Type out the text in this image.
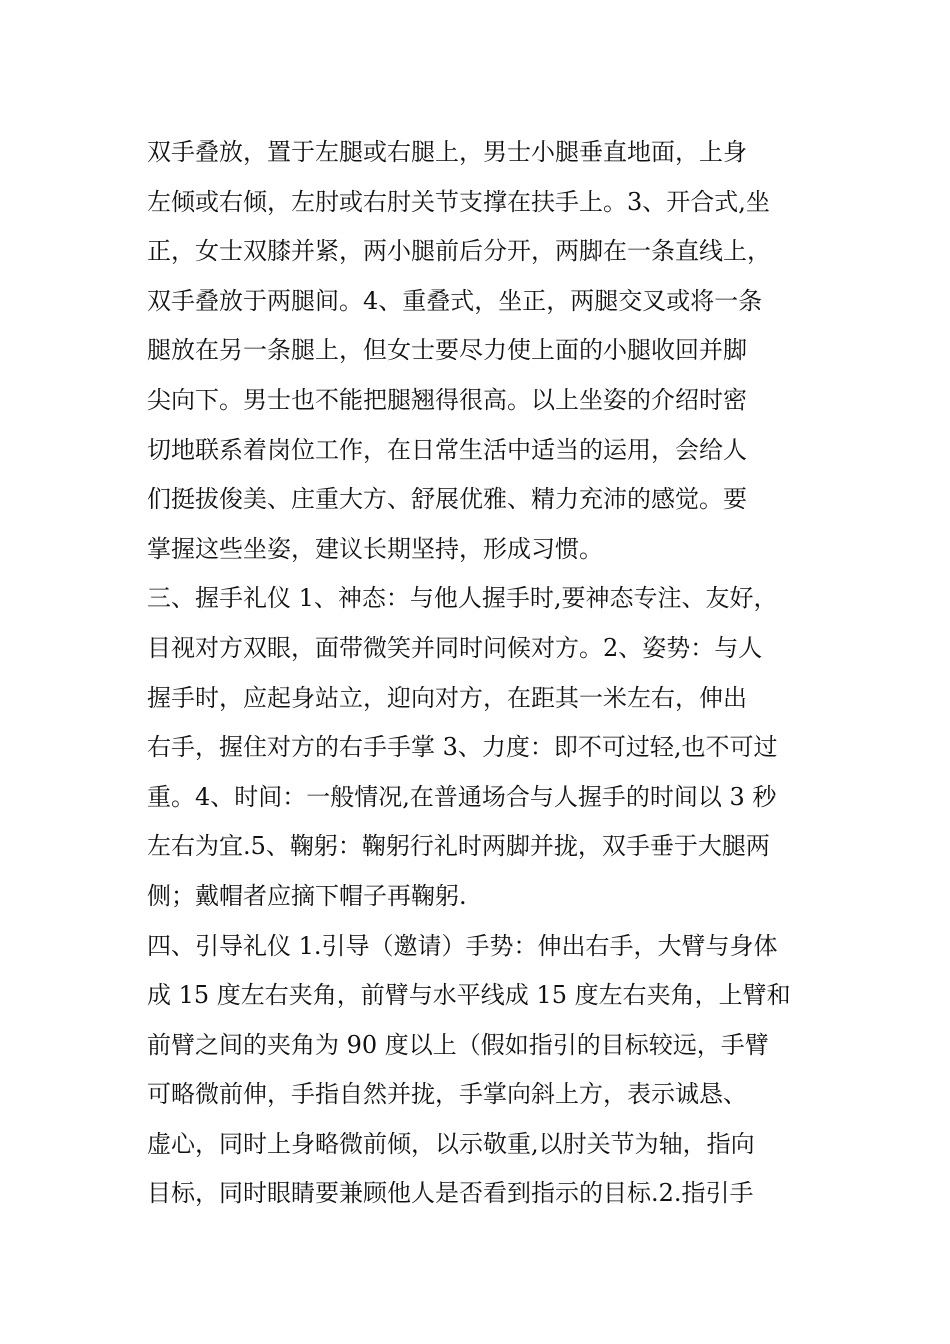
双手叠放，置于左腿或右腿上，男士小腿垂直地面，上身
左倾或右倾，左肘或右肘关节支撑在扶手上。3、开合式,坐
正，女士双膝并紧，两小腿前后分开，两脚在一条直线上，
双手叠放于两腿间。4、重叠式，坐正，两腿交叉或将一条
腿放在另一条腿上，但女士要尽力使上面的小腿收回并脚
尖向下。男士也不能把腿翘得很高。以上坐姿的介绍时密
切地联系着岗位工作，在日常生活中适当的运用，会给人
们挺拔俊美、庄重大方、舒展优雅、精力充沛的感觉。要
掌握这些坐姿，建议长期坚持，形成习惯。
三、握手礼仪 1、神态：与他人握手时,要神态专注、友好，
目视对方双眼，面带微笑并同时问候对方。2、姿势：与人
握手时，应起身站立，迎向对方，在距其一米左右，伸出
右手，握住对方的右手手掌 3、力度：即不可过轻,也不可过
重。4、时间：一般情况,在普通场合与人握手的时间以 3 秒
左右为宜.5、鞠躬：鞠躬行礼时两脚并拢，双手垂于大腿两
侧；戴帽者应摘下帽子再鞠躬.
四、引导礼仪 1.引导（邀请）手势：伸出右手，大臂与身体
成 15 度左右夹角，前臂与水平线成 15 度左右夹角，上臂和
前臂之间的夹角为 90 度以上（假如指引的目标较远，手臂
可略微前伸，手指自然并拢，手掌向斜上方，表示诚恳、
虚心，同时上身略微前倾，以示敬重,以肘关节为轴，指向
目标，同时眼睛要兼顾他人是否看到指示的目标.2.指引手
